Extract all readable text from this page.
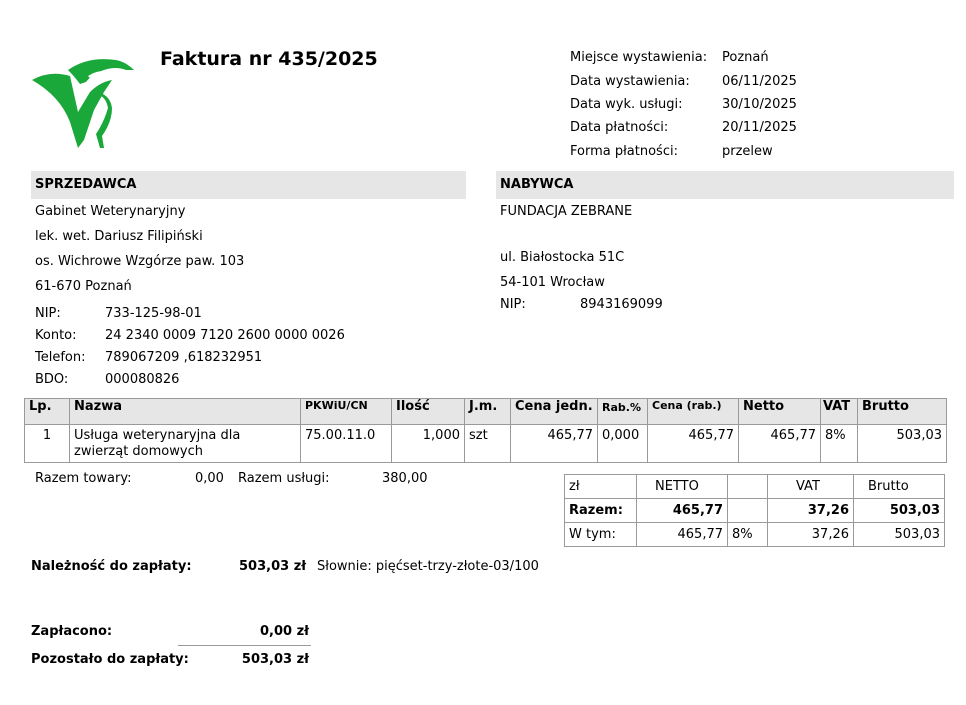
Faktura nr 435/2025	Miejsce wystawienia: Poznań
Data wystawienia: 06/11/2025
Data wyk. usługi:	30/10/2025
Data płatności:	20/11/2025
Forma płatności:	przelew
SPRZEDAWCA
Gabinet Weterynaryjny
lek. wet. Dariusz Filipiński
os. Wichrowe Wzgórze paw. 103
61-670 Poznań
NIP:	733-125-98-01
Konto: 24 2340 0009 7120 2600 0000 0026
Telefon: 789067209 ,618232951
BDO:	000080826
NABYWCA
FUNDACJA ZEBRANE
ul. Białostocka 51C
54-101 Wrocław
NIP:	8943169099
Lp.	Nazwa	PKWiU/CN	Ilość	J.m.	Cena jedn.	Rab.%	Cena (rab.)	Netto	VAT	Brutto
1	Usługa weterynaryjna dla zwierząt domowych	75.00.11.0	1,000	szt	465,77	0,000	465,77	465,77	8%	503,03
Razem towary:	0,00 Razem usługi:	380,00
zł	NETTO		VAT	Brutto
Razem:	465,77		37,26	503,03
W tym:	465,77	8%	37,26	503,03
Należność do zapłaty:	503,03 zł Słownie: pięćset-trzy-złote-03/100
Zapłacono:	0,00 zł
Pozostało do zapłaty:	503,03 zł
